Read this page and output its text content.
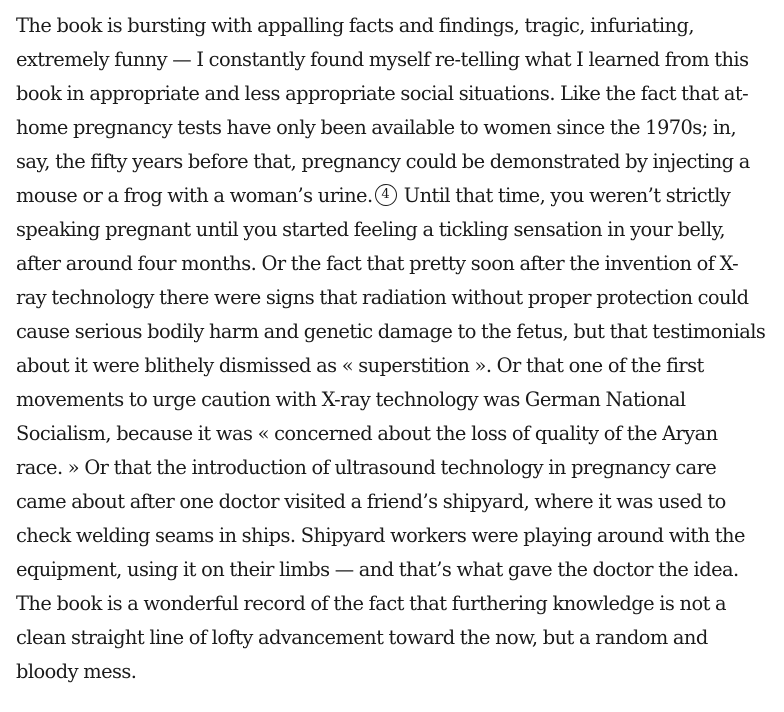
The book is bursting with appalling facts and findings, tragic, infuriating,
extremely funny — I constantly found myself re-telling what I learned from this
book in appropriate and less appropriate social situations. Like the fact that at-
home pregnancy tests have only been available to women since the 1970s; in,
say, the fifty years before that, pregnancy could be demonstrated by injecting a
mouse or a frog with a woman’s urine. 4 Until that time, you weren’t strictly
speaking pregnant until you started feeling a tickling sensation in your belly,
after around four months. Or the fact that pretty soon after the invention of X-
ray technology there were signs that radiation without proper protection could
cause serious bodily harm and genetic damage to the fetus, but that testimonials
about it were blithely dismissed as « superstition ». Or that one of the first
movements to urge caution with X-ray technology was German National
Socialism, because it was « concerned about the loss of quality of the Aryan
race. » Or that the introduction of ultrasound technology in pregnancy care
came about after one doctor visited a friend’s shipyard, where it was used to
check welding seams in ships. Shipyard workers were playing around with the
equipment, using it on their limbs — and that’s what gave the doctor the idea.
The book is a wonderful record of the fact that furthering knowledge is not a
clean straight line of lofty advancement toward the now, but a random and
bloody mess.
